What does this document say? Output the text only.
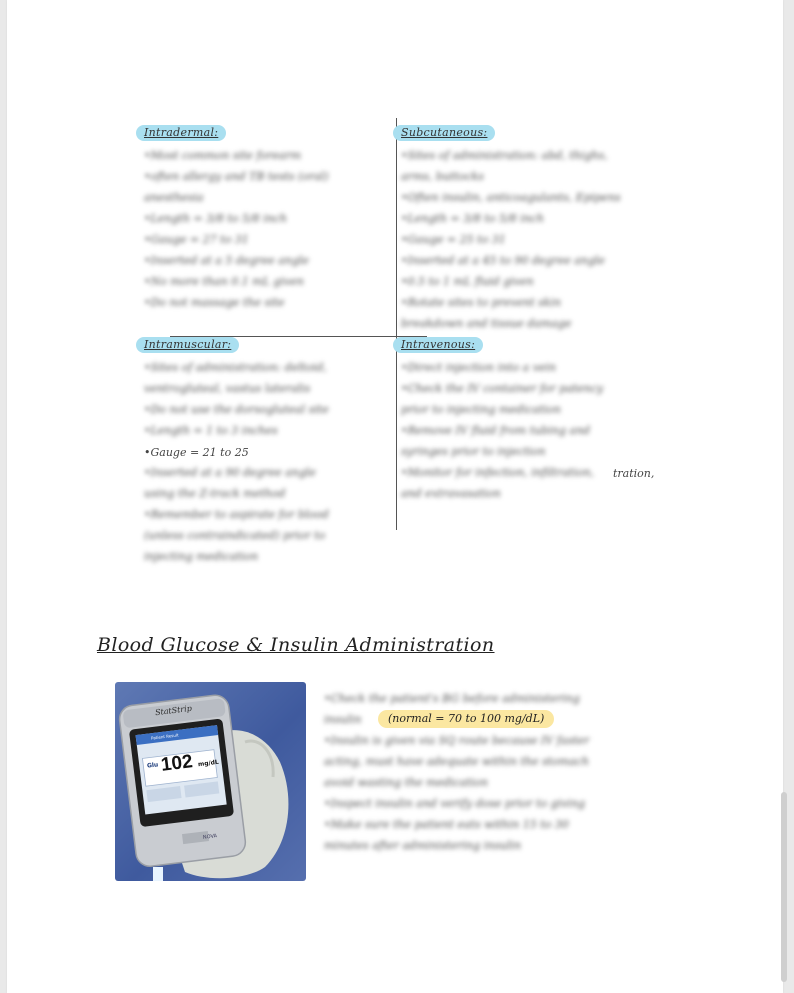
Intradermal:
•Most common site forearm
•often allergy and TB tests (oral)
anesthesia
•Length = 3/8 to 5/8 inch
•Gauge = 27 to 31
•Inserted at a 5 degree angle
•No more than 0.1 mL given
•Do not massage the site
Subcutaneous:
•Sites of administration: abd, thighs,
arms, buttocks
•Often insulin, anticoagulants, Epipens
•Length = 3/8 to 5/8 inch
•Gauge = 25 to 31
•Inserted at a 45 to 90 degree angle
•0.5 to 1 mL fluid given
•Rotate sites to prevent skin
breakdown and tissue damage
Intramuscular:
•Sites of administration: deltoid,
ventrogluteal, vastus lateralis
•Do not use the dorsogluteal site
•Length = 1 to 3 inches
•Inserted at a 90 degree angle
using the Z-track method
•Remember to aspirate for blood
(unless contraindicated) prior to
injecting medication
•Gauge = 21 to 25
Intravenous:
•Direct injection into a vein
•Check the IV container for patency
prior to injecting medication
•Remove IV fluid from tubing and
syringes prior to injection
•Monitor for infection, infiltration,
and extravasation
tration,
Blood Glucose & Insulin Administration
StatStrip
Patient Result
Glu 102 mg/dL
NOVA
•Check the patient's BG before administering
insulin
•Insulin is given via SQ route because IV faster
acting, must have adequate within the stomach
avoid wasting the medication
•Inspect insulin and verify dose prior to giving
•Make sure the patient eats within 15 to 30
minutes after administering insulin
(normal = 70 to 100 mg/dL)
